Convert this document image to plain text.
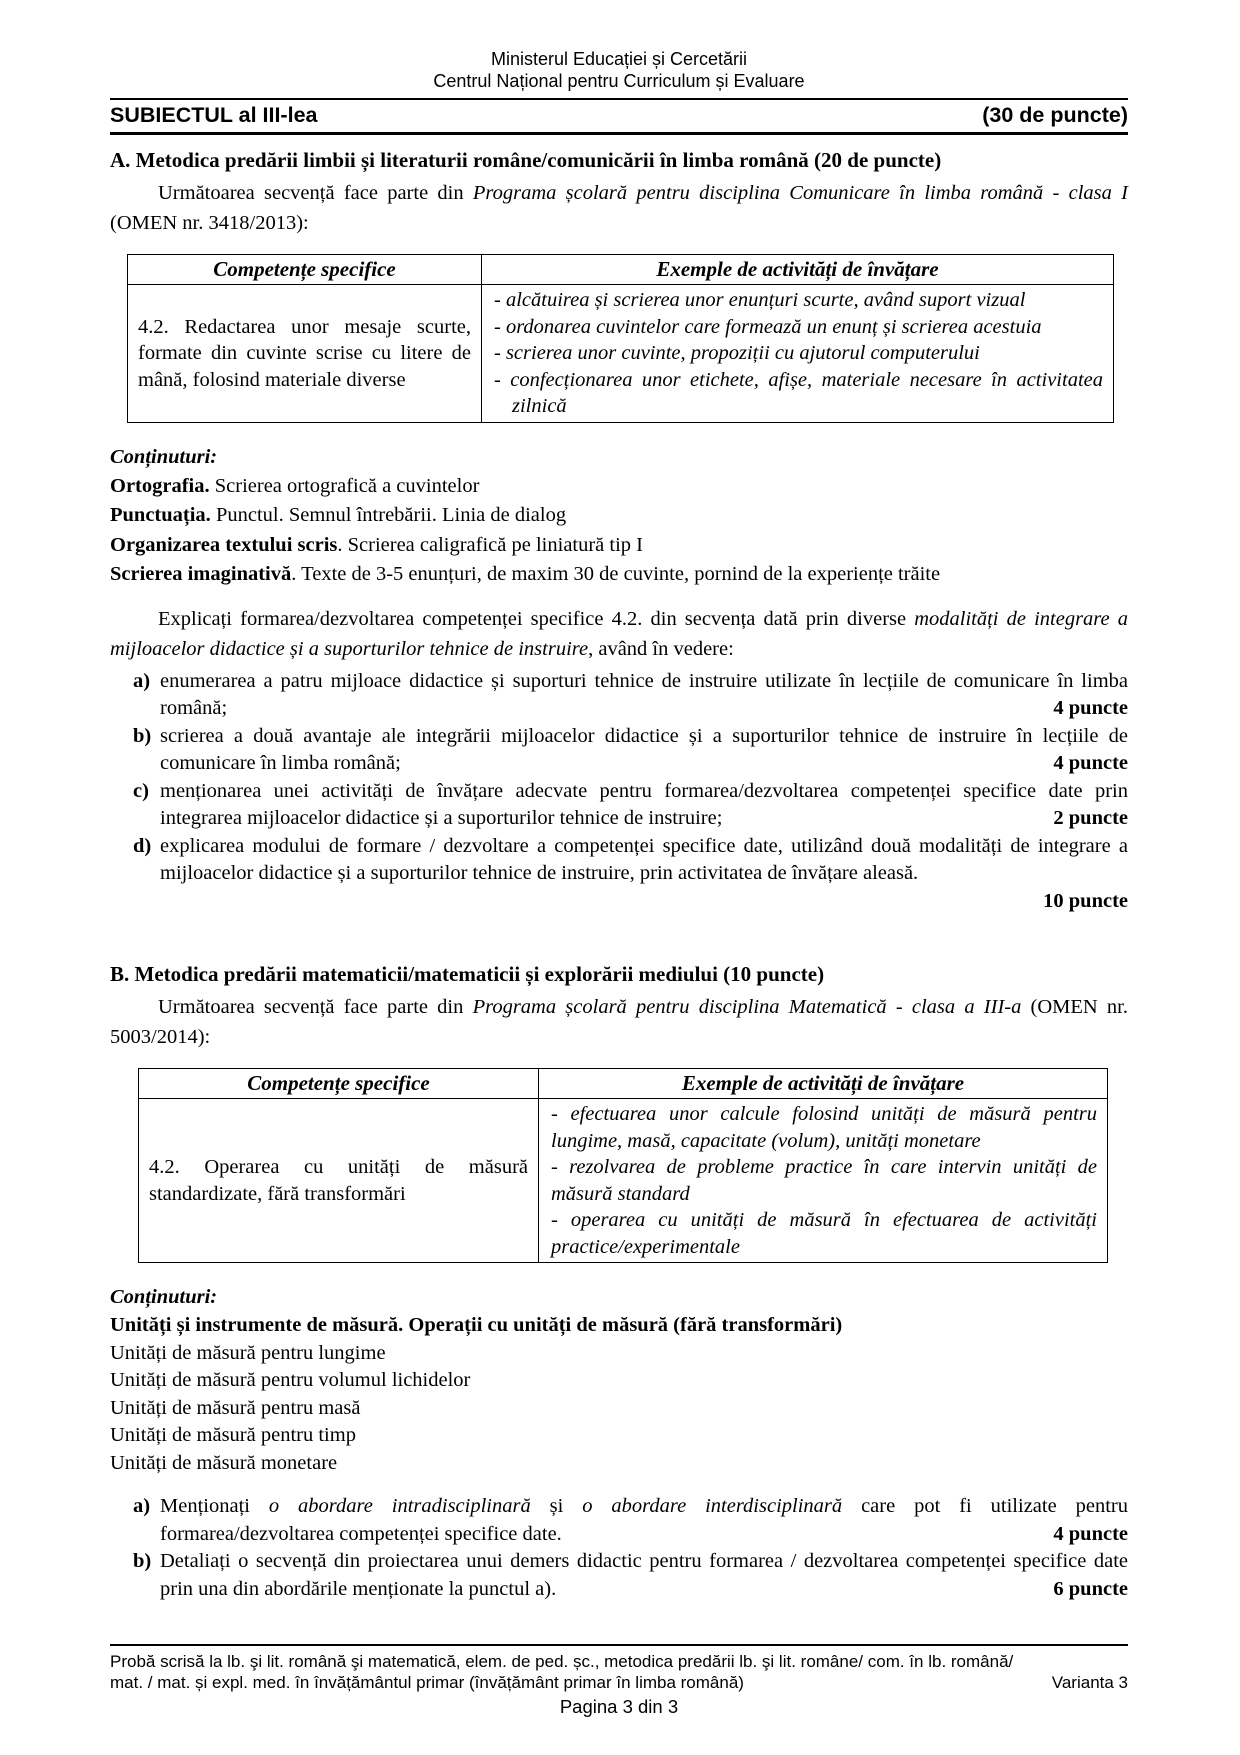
Ministerul Educației și Cercetării
Centrul Național pentru Curriculum și Evaluare
SUBIECTUL al III-lea	(30 de puncte)
A. Metodica predării limbii și literaturii române/comunicării în limba română (20 de puncte)

Următoarea secvență face parte din Programa școlară pentru disciplina Comunicare în limba română - clasa I (OMEN nr. 3418/2013):

Competențe specifice	Exemple de activități de învățare
4.2. Redactarea unor mesaje scurte, formate din cuvinte scrise cu litere de mână, folosind materiale diverse	- alcătuirea și scrierea unor enunțuri scurte, având suport vizual

- ordonarea cuvintelor care formează un enunț și scrierea acestuia

- scrierea unor cuvinte, propoziții cu ajutorul computerului

- confecționarea unor etichete, afișe, materiale necesare în activitatea zilnică

Conținuturi:

Ortografia. Scrierea ortografică a cuvintelor

Punctuația. Punctul. Semnul întrebării. Linia de dialog

Organizarea textului scris. Scrierea caligrafică pe liniatură tip I

Scrierea imaginativă. Texte de 3-5 enunțuri, de maxim 30 de cuvinte, pornind de la experiențe trăite

Explicați formarea/dezvoltarea competenței specifice 4.2. din secvența dată prin diverse modalități de integrare a mijloacelor didactice și a suporturilor tehnice de instruire, având în vedere:

a) enumerarea a patru mijloace didactice și suporturi tehnice de instruire utilizate în lecțiile de comunicare în limba română;	4 puncte
b) scrierea a două avantaje ale integrării mijloacelor didactice și a suporturilor tehnice de instruire în lecțiile de comunicare în limba română;	4 puncte
c) menționarea unei activități de învățare adecvate pentru formarea/dezvoltarea competenței specifice date prin integrarea mijloacelor didactice și a suporturilor tehnice de instruire;	2 puncte
d) explicarea modului de formare / dezvoltare a competenței specifice date, utilizând două modalități de integrare a mijloacelor didactice și a suporturilor tehnice de instruire, prin activitatea de învățare aleasă.
10 puncte
B. Metodica predării matematicii/matematicii și explorării mediului (10 puncte)

Următoarea secvență face parte din Programa școlară pentru disciplina Matematică - clasa a III-a (OMEN nr. 5003/2014):

Competențe specifice	Exemple de activități de învățare
4.2. Operarea cu unități de măsură standardizate, fără transformări	- efectuarea unor calcule folosind unități de măsură pentru lungime, masă, capacitate (volum), unități monetare

- rezolvarea de probleme practice în care intervin unități de măsură standard

- operarea cu unități de măsură în efectuarea de activități practice/experimentale

Conținuturi:

Unități și instrumente de măsură. Operații cu unități de măsură (fără transformări)

Unități de măsură pentru lungime

Unități de măsură pentru volumul lichidelor

Unități de măsură pentru masă

Unități de măsură pentru timp

Unități de măsură monetare

a) Menționați o abordare intradisciplinară și o abordare interdisciplinară care pot fi utilizate pentru formarea/dezvoltarea competenței specifice date.	4 puncte
b) Detaliați o secvență din proiectarea unui demers didactic pentru formarea / dezvoltarea competenței specifice date prin una din abordările menționate la punctul a).	6 puncte
Probă scrisă la lb. şi lit. română şi matematică, elem. de ped. șc., metodica predării lb. şi lit. române/ com. în lb. română/
mat. / mat. și expl. med. în învățământul primar (învățământ primar în limba română)	Varianta 3
Pagina 3 din 3
